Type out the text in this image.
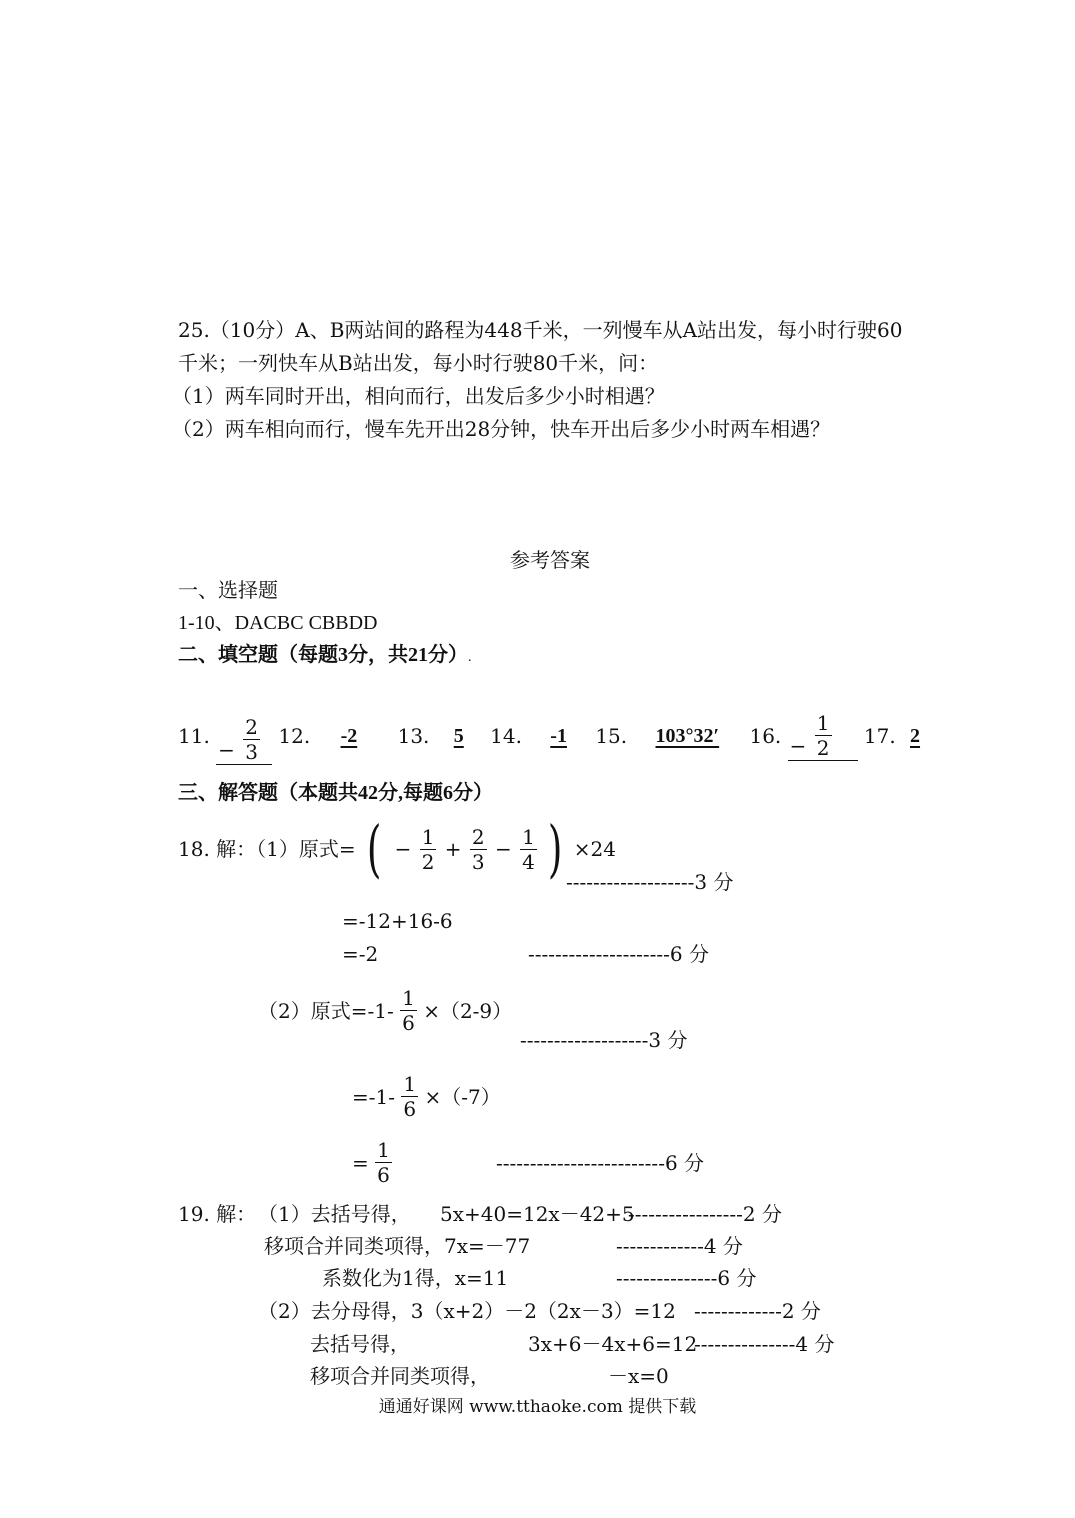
25.（10分）A、B两站间的路程为448千米，一列慢车从A站出发，每小时行驶60
千米；一列快车从B站出发，每小时行驶80千米，问：
（1）两车同时开出，相向而行，出发后多少小时相遇？
（2）两车相向而行，慢车先开出28分钟，快车开出后多少小时两车相遇？
参考答案
一、选择题
1-10、DACBC CBBDD
二、填空题（每题3分，共21分）.
11. − $\frac{2}{3} 12$. -2 13. 5 14. -1 15. 103°32′ 16. − $\frac{1}{2} 17$. 2
三、解答题（本题共42分,每题6分）
18. 解：（1）原式= ( − $\frac{1}{2} + \frac{2}{3} - \frac{1}{4}$ ) ×24
-------------------3 分
=-12+16-6
=-2	---------------------6 分
（2）原式$=-1- \frac{1}{6} \times(2-9)$
-------------------3 分
$=-1- \frac{1}{6} \times(-7)$
= $\frac{1}{6}$	-------------------------6 分
19. 解： （1）去括号得， 5x+40=12x－42+5
-----------------2 分
移项合并同类项得，7x=－77	-------------4 分
系数化为1得，x=11	---------------6 分
（2）去分母得，3（x+2）－2（2x－3）=12 -------------2 分
去括号得，	3x+6－4x+6=12
---------------4 分
移项合并同类项得，	－x=0
通通好课网 www.tthaoke.com 提供下载
